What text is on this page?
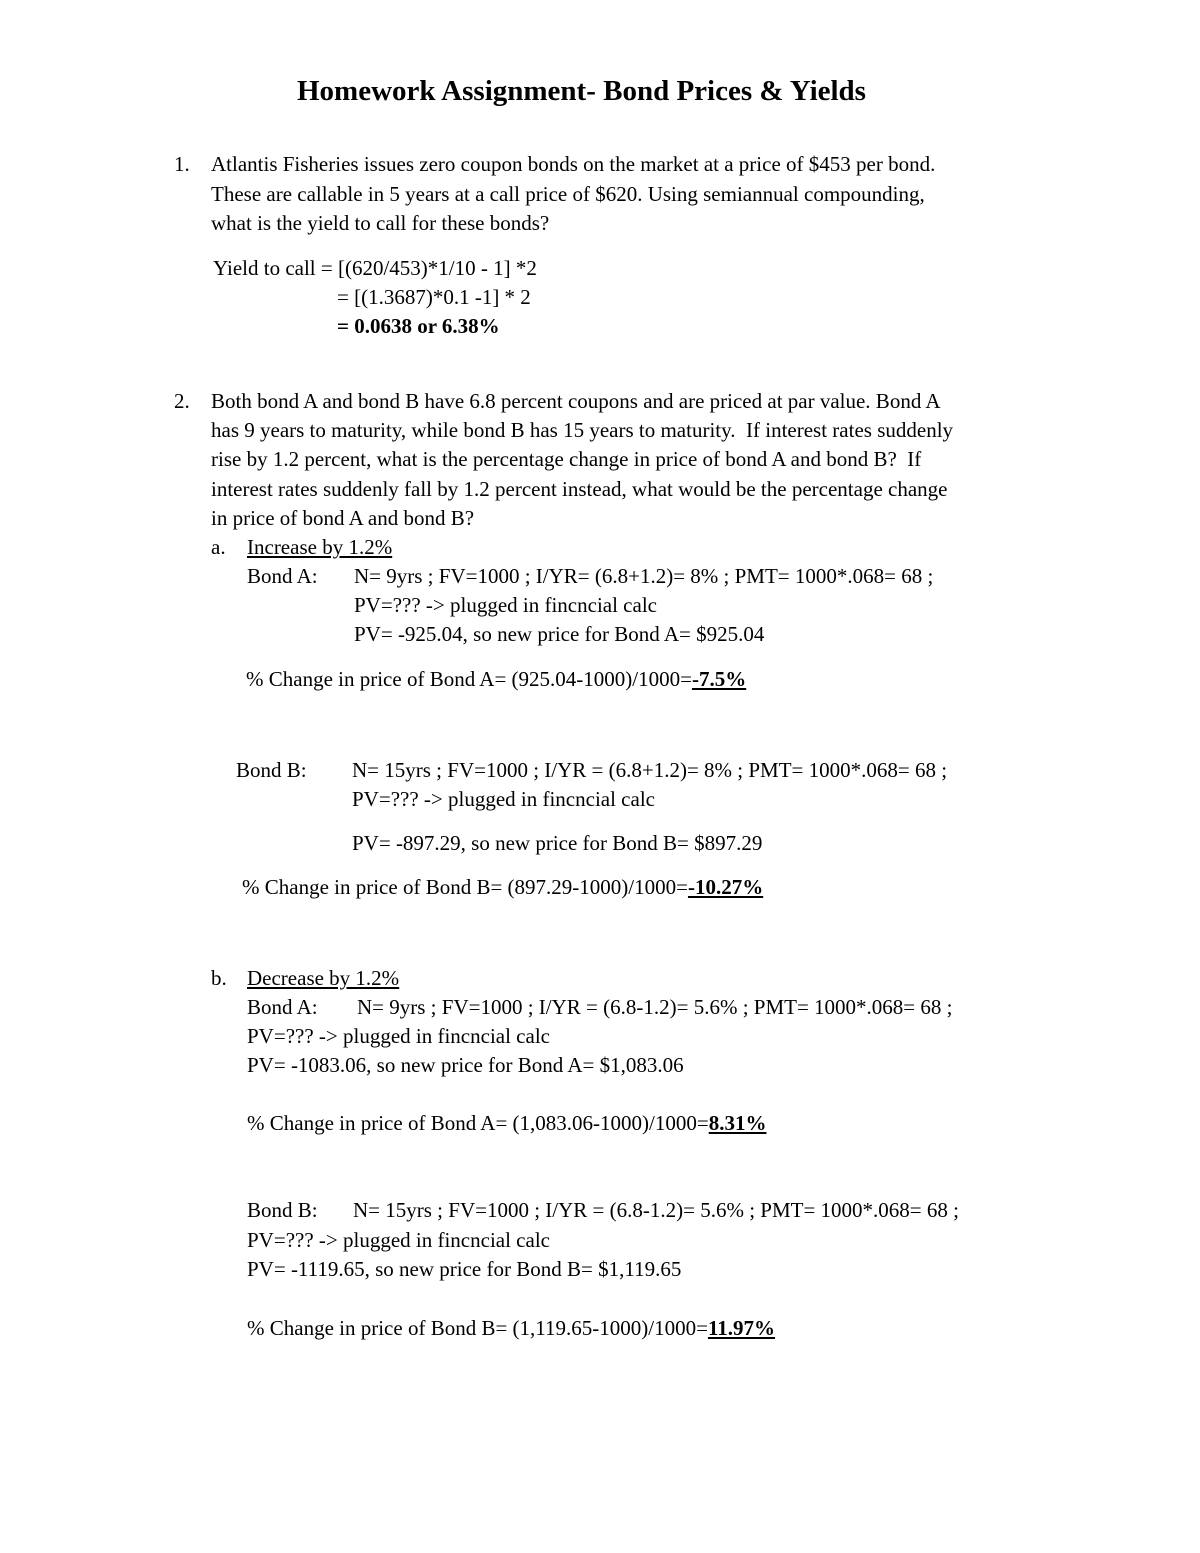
Homework Assignment- Bond Prices & Yields
1. Atlantis Fisheries issues zero coupon bonds on the market at a price of $453 per bond.
These are callable in 5 years at a call price of $620. Using semiannual compounding,
what is the yield to call for these bonds?
Yield to call = [(620/453)*1/10 - 1] *2
= [(1.3687)*0.1 -1] * 2
= 0.0638 or 6.38%
2. Both bond A and bond B have 6.8 percent coupons and are priced at par value. Bond A
has 9 years to maturity, while bond B has 15 years to maturity.  If interest rates suddenly
rise by 1.2 percent, what is the percentage change in price of bond A and bond B?  If
interest rates suddenly fall by 1.2 percent instead, what would be the percentage change
in price of bond A and bond B?
a. Increase by 1.2%
Bond A: N= 9yrs ; FV=1000 ; I/YR= (6.8+1.2)= 8% ; PMT= 1000*.068= 68 ;
PV=??? -> plugged in fincncial calc
PV= -925.04, so new price for Bond A= $925.04
% Change in price of Bond A= (925.04-1000)/1000=-7.5%
Bond B: N= 15yrs ; FV=1000 ; I/YR = (6.8+1.2)= 8% ; PMT= 1000*.068= 68 ;
PV=??? -> plugged in fincncial calc
PV= -897.29, so new price for Bond B= $897.29
% Change in price of Bond B= (897.29-1000)/1000=-10.27%
b. Decrease by 1.2%
Bond A: N= 9yrs ; FV=1000 ; I/YR = (6.8-1.2)= 5.6% ; PMT= 1000*.068= 68 ;
PV=??? -> plugged in fincncial calc
PV= -1083.06, so new price for Bond A= $1,083.06
% Change in price of Bond A= (1,083.06-1000)/1000=8.31%
Bond B: N= 15yrs ; FV=1000 ; I/YR = (6.8-1.2)= 5.6% ; PMT= 1000*.068= 68 ;
PV=??? -> plugged in fincncial calc
PV= -1119.65, so new price for Bond B= $1,119.65
% Change in price of Bond B= (1,119.65-1000)/1000=11.97%
